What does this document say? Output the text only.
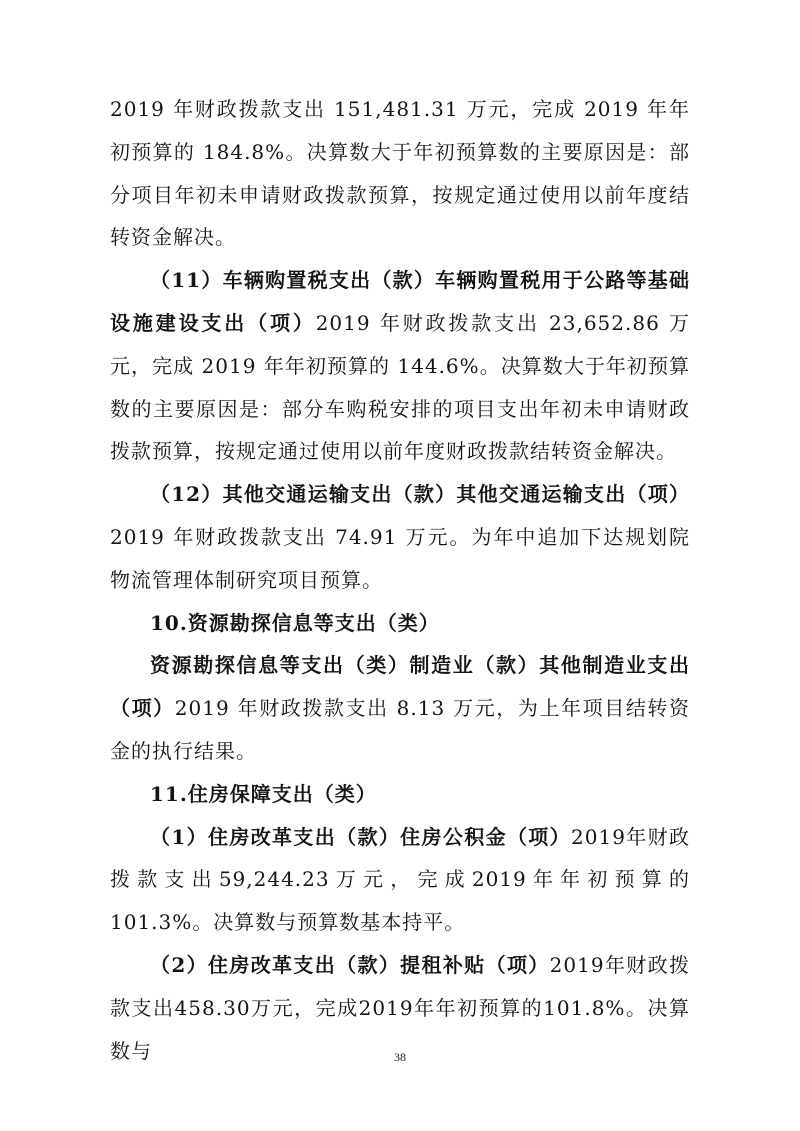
2019 年财政拨款支出 151,481.31 万元，完成 2019 年年初预算的 184.8%。决算数大于年初预算数的主要原因是：部分项目年初未申请财政拨款预算，按规定通过使用以前年度结转资金解决。

（11）车辆购置税支出（款）车辆购置税用于公路等基础设施建设支出（项）2019 年财政拨款支出 23,652.86 万元，完成 2019 年年初预算的 144.6%。决算数大于年初预算数的主要原因是：部分车购税安排的项目支出年初未申请财政拨款预算，按规定通过使用以前年度财政拨款结转资金解决。

（12）其他交通运输支出（款）其他交通运输支出（项）2019 年财政拨款支出 74.91 万元。为年中追加下达规划院物流管理体制研究项目预算。

10.资源勘探信息等支出（类）

资源勘探信息等支出（类）制造业（款）其他制造业支出（项）2019 年财政拨款支出 8.13 万元，为上年项目结转资金的执行结果。

11.住房保障支出（类）

（1）住房改革支出（款）住房公积金（项）2019年财政拨款支出59,244.23万元，完成2019年年初预算的101.3%。决算数与预算数基本持平。

（2）住房改革支出（款）提租补贴（项）2019年财政拨款支出458.30万元，完成2019年年初预算的101.8%。决算数与	38
